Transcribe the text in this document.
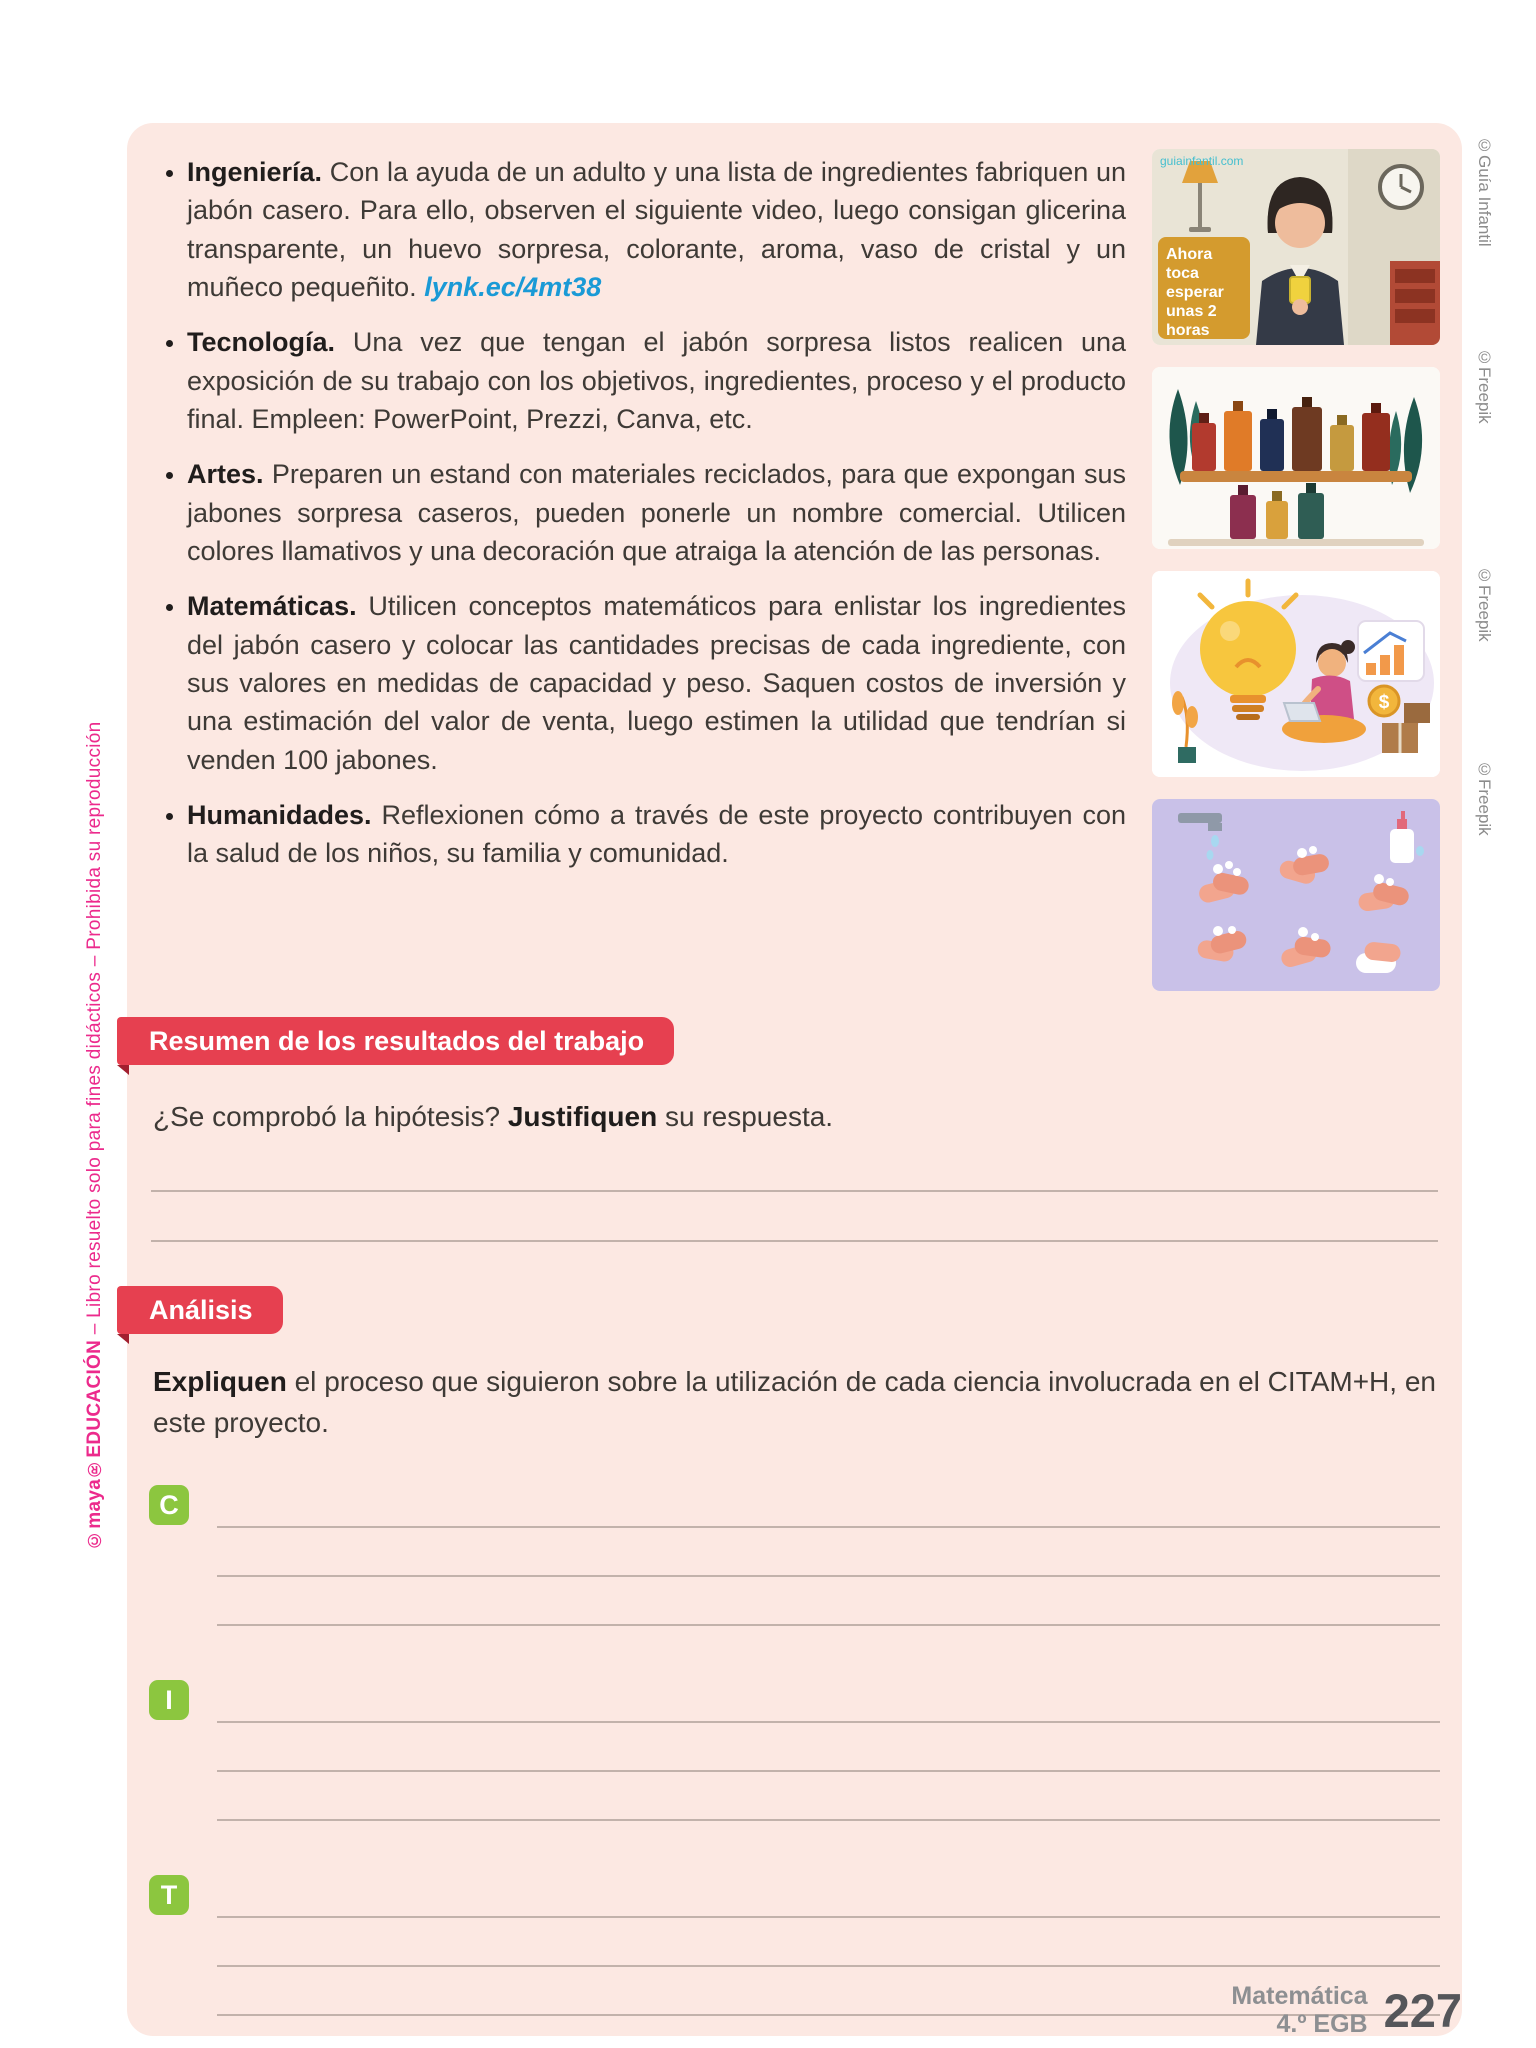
• Ingeniería. Con la ayuda de un adulto y una lista de ingredientes fabriquen un jabón casero. Para ello, observen el siguiente video, luego consigan glicerina transparente, un huevo sorpresa, colorante, aroma, vaso de cristal y un muñeco pequeñito. lynk.ec/4mt38
• Tecnología. Una vez que tengan el jabón sorpresa listos realicen una exposición de su trabajo con los objetivos, ingredientes, proceso y el producto final. Empleen: PowerPoint, Prezzi, Canva, etc.
• Artes. Preparen un estand con materiales reciclados, para que expongan sus jabones sorpresa caseros, pueden ponerle un nombre comercial. Utilicen colores llamativos y una decoración que atraiga la atención de las personas.
• Matemáticas. Utilicen conceptos matemáticos para enlistar los ingredientes del jabón casero y colocar las cantidades precisas de cada ingrediente, con sus valores en medidas de capacidad y peso. Saquen costos de inversión y una estimación del valor de venta, luego estimen la utilidad que tendrían si venden 100 jabones.
• Humanidades. Reflexionen cómo a través de este proyecto contribuyen con la salud de los niños, su familia y comunidad.
Ahora
toca
esperar
unas 2
horas
guiainfantil.com
$
Resumen de los resultados del trabajo

¿Se comprobó la hipótesis? Justifiquen su respuesta.

Análisis

Expliquen el proceso que siguieron sobre la utilización de cada ciencia involucrada en el CITAM+H, en este proyecto.

C
I
T
©maya®EDUCACIÓN – Libro resuelto solo para fines didácticos – Prohibida su reproducción
©Guía Infantil
©Freepik
©Freepik
©Freepik
Matemática
4.º EGB 227
